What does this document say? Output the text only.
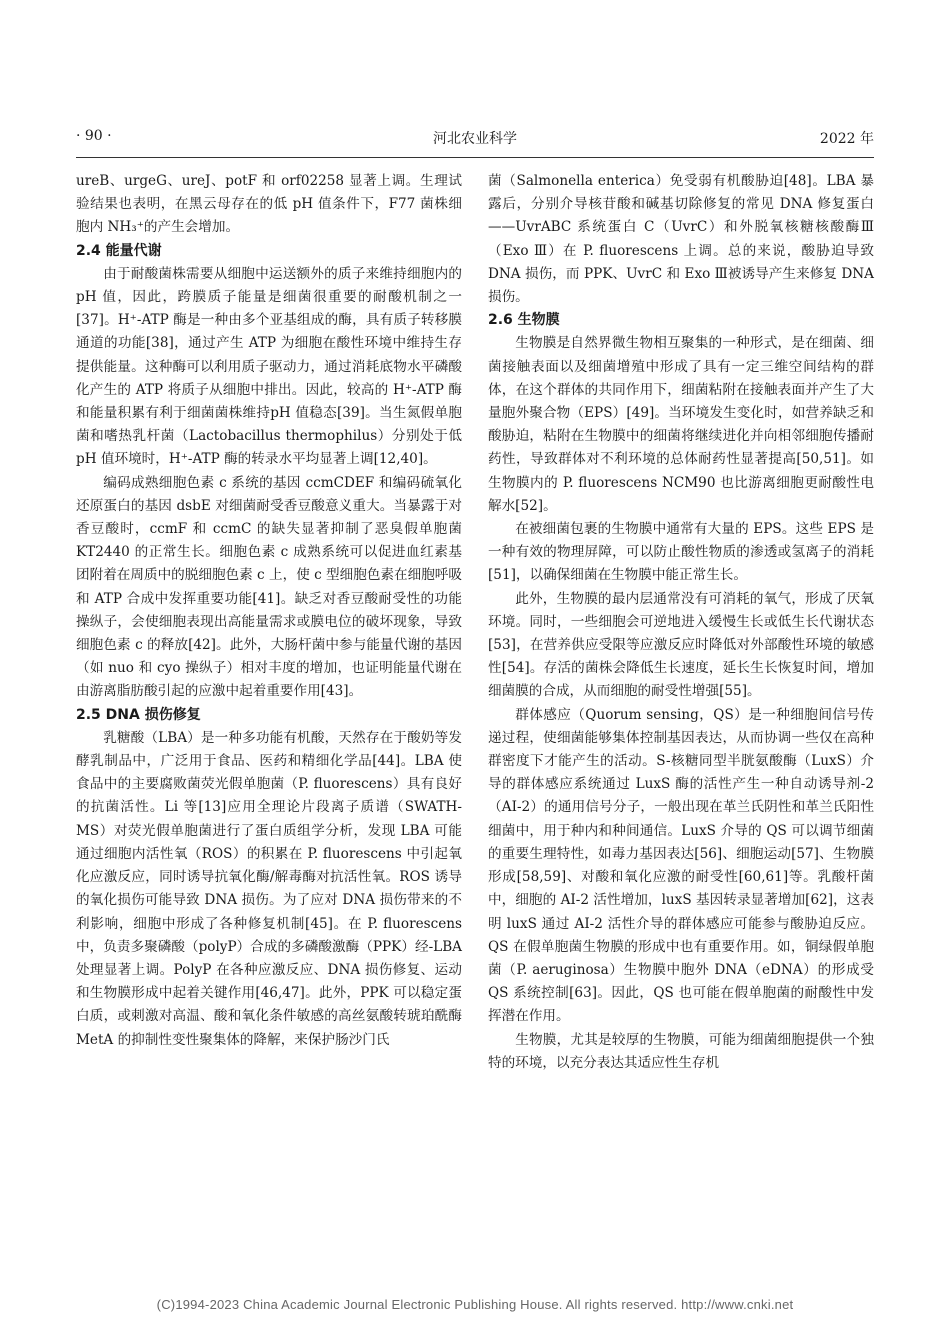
· 90 ·	河北农业科学	2022 年

ureB、urgeG、ureJ、potF 和 orf02258 显著上调。生理试验结果也表明，在黑云母存在的低 pH 值条件下，F77 菌株细胞内 NH₃⁺的产生会增加。

2.4 能量代谢

由于耐酸菌株需要从细胞中运送额外的质子来维持细胞内的 pH 值，因此，跨膜质子能量是细菌很重要的耐酸机制之一[37]。H⁺-ATP 酶是一种由多个亚基组成的酶，具有质子转移膜通道的功能[38]，通过产生 ATP 为细胞在酸性环境中维持生存提供能量。这种酶可以利用质子驱动力，通过消耗底物水平磷酸化产生的 ATP 将质子从细胞中排出。因此，较高的 H⁺-ATP 酶和能量积累有利于细菌菌株维持pH 值稳态[39]。当生氮假单胞菌和嗜热乳杆菌（Lactobacillus thermophilus）分别处于低 pH 值环境时，H⁺-ATP 酶的转录水平均显著上调[12,40]。

编码成熟细胞色素 c 系统的基因 ccmCDEF 和编码硫氧化还原蛋白的基因 dsbE 对细菌耐受香豆酸意义重大。当暴露于对香豆酸时，ccmF 和 ccmC 的缺失显著抑制了恶臭假单胞菌 KT2440 的正常生长。细胞色素 c 成熟系统可以促进血红素基团附着在周质中的脱细胞色素 c 上，使 c 型细胞色素在细胞呼吸和 ATP 合成中发挥重要功能[41]。缺乏对香豆酸耐受性的功能操纵子，会使细胞表现出高能量需求或膜电位的破坏现象，导致细胞色素 c 的释放[42]。此外，大肠杆菌中参与能量代谢的基因（如 nuo 和 cyo 操纵子）相对丰度的增加，也证明能量代谢在由游离脂肪酸引起的应激中起着重要作用[43]。

2.5 DNA 损伤修复

乳糖酸（LBA）是一种多功能有机酸，天然存在于酸奶等发酵乳制品中，广泛用于食品、医药和精细化学品[44]。LBA 使食品中的主要腐败菌荧光假单胞菌（P. fluorescens）具有良好的抗菌活性。Li 等[13]应用全理论片段离子质谱（SWATH-MS）对荧光假单胞菌进行了蛋白质组学分析，发现 LBA 可能通过细胞内活性氧（ROS）的积累在 P. fluorescens 中引起氧化应激反应，同时诱导抗氧化酶/解毒酶对抗活性氧。ROS 诱导的氧化损伤可能导致 DNA 损伤。为了应对 DNA 损伤带来的不利影响，细胞中形成了各种修复机制[45]。在 P. fluorescens 中，负责多聚磷酸（polyP）合成的多磷酸激酶（PPK）经-LBA 处理显著上调。PolyP 在各种应激反应、DNA 损伤修复、运动和生物膜形成中起着关键作用[46,47]。此外，PPK 可以稳定蛋白质，或刺激对高温、酸和氧化条件敏感的高丝氨酸转琥珀酰酶 MetA 的抑制性变性聚集体的降解，来保护肠沙门氏

菌（Salmonella enterica）免受弱有机酸胁迫[48]。LBA 暴露后，分别介导核苷酸和碱基切除修复的常见 DNA 修复蛋白——UvrABC 系统蛋白 C（UvrC）和外脱氧核糖核酸酶Ⅲ（Exo Ⅲ）在 P. fluorescens 上调。总的来说，酸胁迫导致 DNA 损伤，而 PPK、UvrC 和 Exo Ⅲ被诱导产生来修复 DNA 损伤。

2.6 生物膜

生物膜是自然界微生物相互聚集的一种形式，是在细菌、细菌接触表面以及细菌增殖中形成了具有一定三维空间结构的群体，在这个群体的共同作用下，细菌粘附在接触表面并产生了大量胞外聚合物（EPS）[49]。当环境发生变化时，如营养缺乏和酸胁迫，粘附在生物膜中的细菌将继续进化并向相邻细胞传播耐药性，导致群体对不利环境的总体耐药性显著提高[50,51]。如生物膜内的 P. fluorescens NCM90 也比游离细胞更耐酸性电解水[52]。

在被细菌包裹的生物膜中通常有大量的 EPS。这些 EPS 是一种有效的物理屏障，可以防止酸性物质的渗透或氢离子的消耗[51]，以确保细菌在生物膜中能正常生长。

此外，生物膜的最内层通常没有可消耗的氧气，形成了厌氧环境。同时，一些细胞会可逆地进入缓慢生长或低生长代谢状态[53]，在营养供应受限等应激反应时降低对外部酸性环境的敏感性[54]。存活的菌株会降低生长速度，延长生长恢复时间，增加细菌膜的合成，从而细胞的耐受性增强[55]。

群体感应（Quorum sensing，QS）是一种细胞间信号传递过程，使细菌能够集体控制基因表达，从而协调一些仅在高种群密度下才能产生的活动。S-核糖同型半胱氨酸酶（LuxS）介导的群体感应系统通过 LuxS 酶的活性产生一种自动诱导剂-2（AI-2）的通用信号分子，一般出现在革兰氏阴性和革兰氏阳性细菌中，用于种内和种间通信。LuxS 介导的 QS 可以调节细菌的重要生理特性，如毒力基因表达[56]、细胞运动[57]、生物膜形成[58,59]、对酸和氧化应激的耐受性[60,61]等。乳酸杆菌中，细胞的 AI-2 活性增加，luxS 基因转录显著增加[62]，这表明 luxS 通过 AI-2 活性介导的群体感应可能参与酸胁迫反应。QS 在假单胞菌生物膜的形成中也有重要作用。如，铜绿假单胞菌（P. aeruginosa）生物膜中胞外 DNA（eDNA）的形成受 QS 系统控制[63]。因此，QS 也可能在假单胞菌的耐酸性中发挥潜在作用。

生物膜，尤其是较厚的生物膜，可能为细菌细胞提供一个独特的环境，以充分表达其适应性生存机

(C)1994-2023 China Academic Journal Electronic Publishing House. All rights reserved. http://www.cnki.net
